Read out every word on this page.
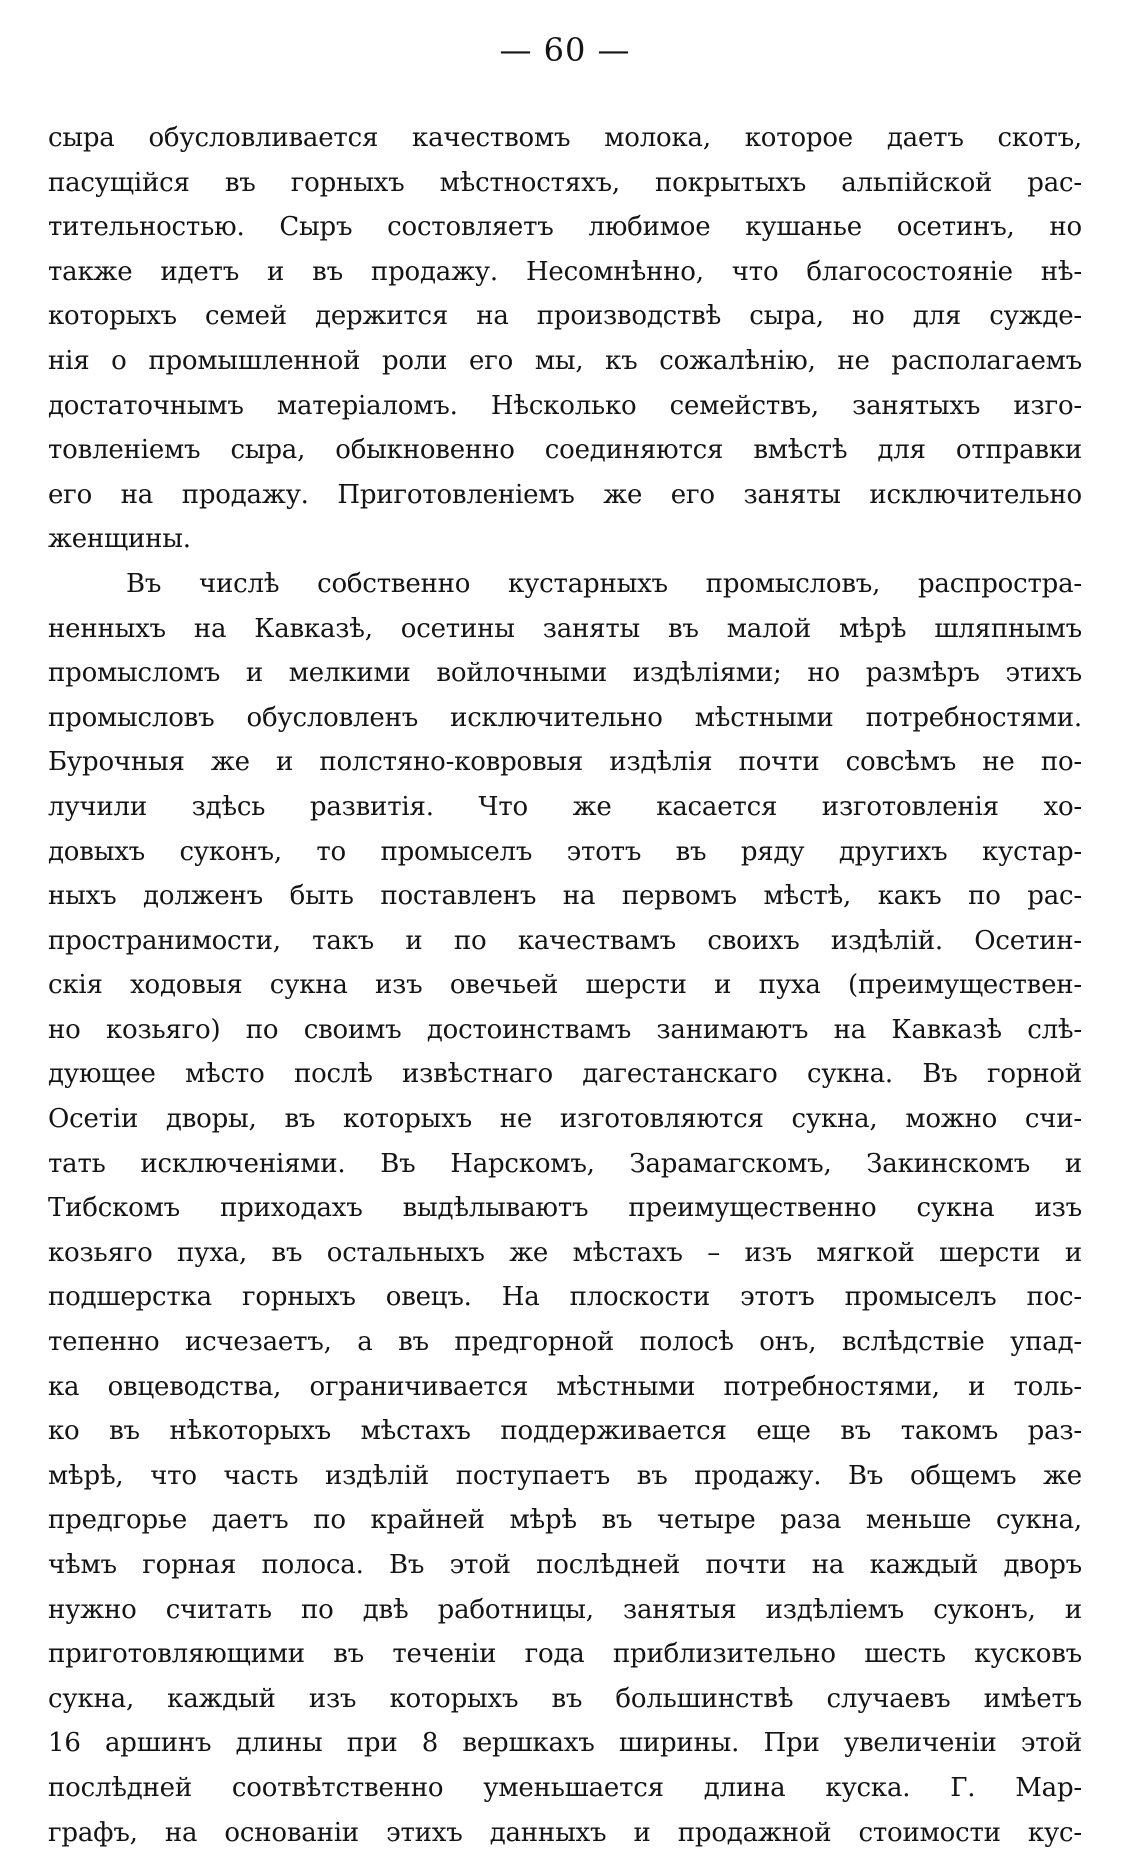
— 60 —
сыра обусловливается качествомъ молока, которое даетъ скотъ,
пасущiйся въ горныхъ мѣстностяхъ, покрытыхъ альпiйской рас-
тительностью. Сыръ состовляетъ любимое кушанье осетинъ, но
также идетъ и въ продажу. Несомнѣнно, что благосостоянiе нѣ-
которыхъ семей держится на производствѣ сыра, но для сужде-
нiя о промышленной роли его мы, къ сожалѣнiю, не располагаемъ
достаточнымъ матерiаломъ. Нѣсколько семействъ, занятыхъ изго-
товленiемъ сыра, обыкновенно соединяются вмѣстѣ для отправки
его на продажу. Приготовленiемъ же его заняты исключительно
женщины.
Въ числѣ собственно кустарныхъ промысловъ, распростра-
ненныхъ на Кавказѣ, осетины заняты въ малой мѣрѣ шляпнымъ
промысломъ и мелкими войлочными издѣлiями; но размѣръ этихъ
промысловъ обусловленъ исключительно мѣстными потребностями.
Бурочныя же и полстяно-ковровыя издѣлiя почти совсѣмъ не по-
лучили здѣсь развитiя. Что же касается изготовленiя хо-
довыхъ суконъ, то промыселъ этотъ въ ряду другихъ кустар-
ныхъ долженъ быть поставленъ на первомъ мѣстѣ, какъ по рас-
пространимости, такъ и по качествамъ своихъ издѣлiй. Осетин-
скiя ходовыя сукна изъ овечьей шерсти и пуха (преимуществен-
но козьяго) по своимъ достоинствамъ занимаютъ на Кавказѣ слѣ-
дующее мѣсто послѣ извѣстнаго дагестанскаго сукна. Въ горной
Осетiи дворы, въ которыхъ не изготовляются сукна, можно счи-
тать исключенiями. Въ Нарскомъ, Зарамагскомъ, Закинскомъ и
Тибскомъ приходахъ выдѣлываютъ преимущественно сукна изъ
козьяго пуха, въ остальныхъ же мѣстахъ – изъ мягкой шерсти и
подшерстка горныхъ овецъ. На плоскости этотъ промыселъ пос-
тепенно исчезаетъ, а въ предгорной полосѣ онъ, вслѣдствiе упад-
ка овцеводства, ограничивается мѣстными потребностями, и толь-
ко въ нѣкоторыхъ мѣстахъ поддерживается еще въ такомъ раз-
мѣрѣ, что часть издѣлiй поступаетъ въ продажу. Въ общемъ же
предгорье даетъ по крайней мѣрѣ въ четыре раза меньше сукна,
чѣмъ горная полоса. Въ этой послѣдней почти на каждый дворъ
нужно считать по двѣ работницы, занятыя издѣлiемъ суконъ, и
приготовляющими въ теченiи года приблизительно шесть кусковъ
сукна, каждый изъ которыхъ въ большинствѣ случаевъ имѣетъ
16 аршинъ длины при 8 вершкахъ ширины. При увеличенiи этой
послѣдней соотвѣтственно уменьшается длина куска. Г. Мар-
графъ, на основанiи этихъ данныхъ и продажной стоимости кус-
